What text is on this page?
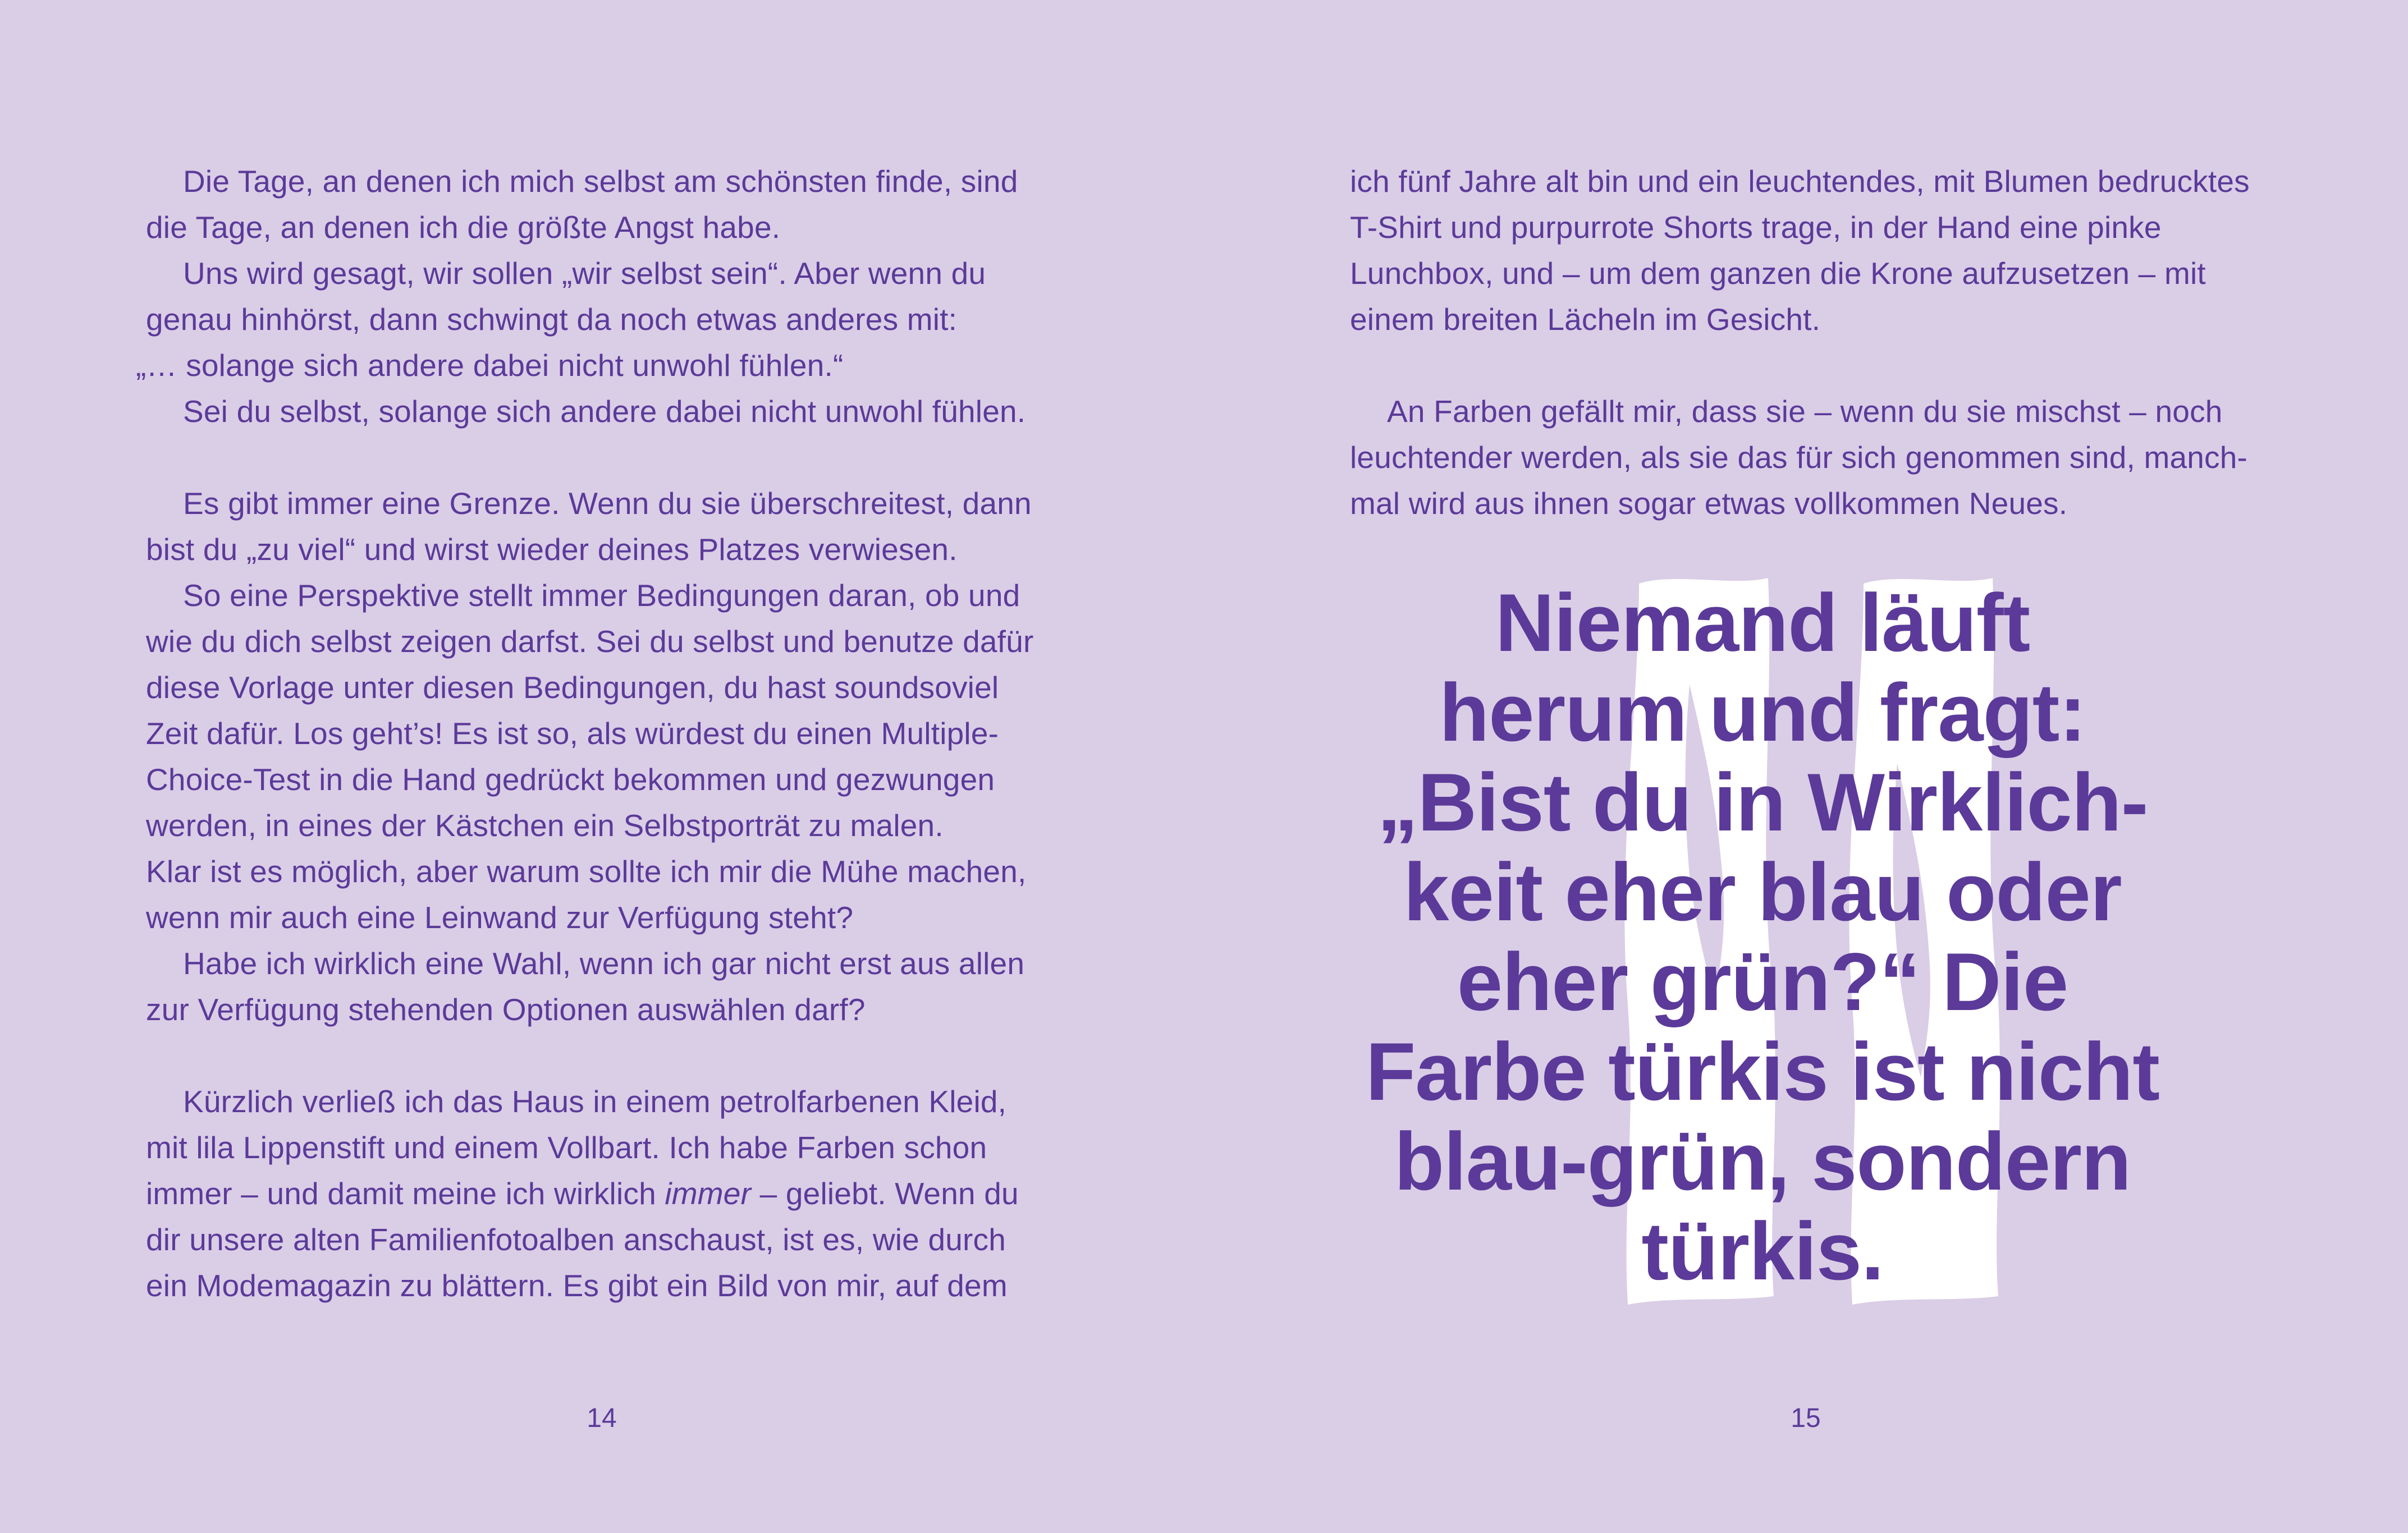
Die Tage, an denen ich mich selbst am schönsten finde, sind
die Tage, an denen ich die größte Angst habe.
Uns wird gesagt, wir sollen „wir selbst sein“. Aber wenn du
genau hinhörst, dann schwingt da noch etwas anderes mit:
„… solange sich andere dabei nicht unwohl fühlen.“
Sei du selbst, solange sich andere dabei nicht unwohl fühlen.
Es gibt immer eine Grenze. Wenn du sie überschreitest, dann
bist du „zu viel“ und wirst wieder deines Platzes verwiesen.
So eine Perspektive stellt immer Bedingungen daran, ob und
wie du dich selbst zeigen darfst. Sei du selbst und benutze dafür
diese Vorlage unter diesen Bedingungen, du hast soundsoviel
Zeit dafür. Los geht’s! Es ist so, als würdest du einen Multiple-
Choice-Test in die Hand gedrückt bekommen und gezwungen
werden, in eines der Kästchen ein Selbstporträt zu malen.
Klar ist es möglich, aber warum sollte ich mir die Mühe machen,
wenn mir auch eine Leinwand zur Verfügung steht?
Habe ich wirklich eine Wahl, wenn ich gar nicht erst aus allen
zur Verfügung stehenden Optionen auswählen darf?
Kürzlich verließ ich das Haus in einem petrolfarbenen Kleid,
mit lila Lippenstift und einem Vollbart. Ich habe Farben schon
immer – und damit meine ich wirklich immer – geliebt. Wenn du
dir unsere alten Familienfotoalben anschaust, ist es, wie durch
ein Modemagazin zu blättern. Es gibt ein Bild von mir, auf dem
14
ich fünf Jahre alt bin und ein leuchtendes, mit Blumen bedrucktes
T-Shirt und purpurrote Shorts trage, in der Hand eine pinke
Lunchbox, und – um dem ganzen die Krone aufzusetzen – mit
einem breiten Lächeln im Gesicht.
An Farben gefällt mir, dass sie – wenn du sie mischst – noch
leuchtender werden, als sie das für sich genommen sind, manch-
mal wird aus ihnen sogar etwas vollkommen Neues.
Niemand läuft
herum und fragt:
„Bist du in Wirklich-
keit eher blau oder
eher grün?“ Die
Farbe türkis ist nicht
blau-grün, sondern
türkis.
15
